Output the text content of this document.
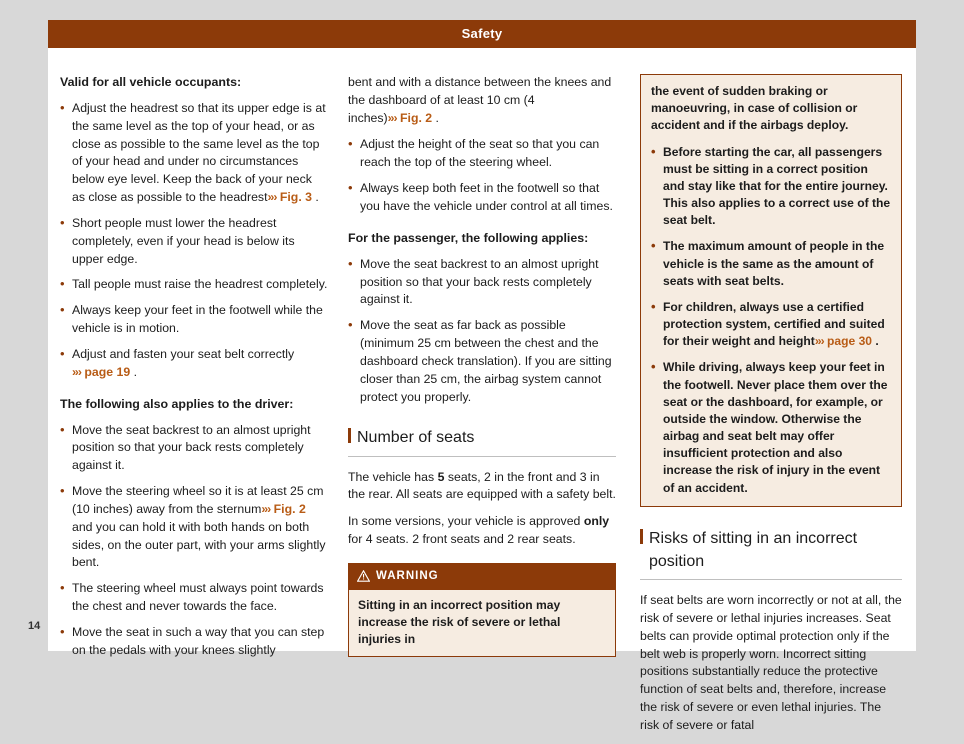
Safety
14

Valid for all vehicle occupants:

• Adjust the headrest so that its upper edge is at the same level as the top of your head, or as close as possible to the same level as the top of your head and under no circumstances below eye level. Keep the back of your neck as close as possible to the headrest»› Fig. 3 .

• Short people must lower the headrest completely, even if your head is below its upper edge.

• Tall people must raise the headrest completely.

• Always keep your feet in the footwell while the vehicle is in motion.

• Adjust and fasten your seat belt correctly
»› page 19 .

The following also applies to the driver:

• Move the seat backrest to an almost upright position so that your back rests completely against it.

• Move the steering wheel so it is at least 25 cm (10 inches) away from the sternum»› Fig. 2 and you can hold it with both hands on both sides, on the outer part, with your arms slightly bent.

• The steering wheel must always point towards the chest and never towards the face.

• Move the seat in such a way that you can step on the pedals with your knees slightly

bent and with a distance between the knees and the dashboard of at least 10 cm (4 inches)»› Fig. 2 .

• Adjust the height of the seat so that you can reach the top of the steering wheel.

• Always keep both feet in the footwell so that you have the vehicle under control at all times.

For the passenger, the following applies:

• Move the seat backrest to an almost upright position so that your back rests completely against it.

• Move the seat as far back as possible (minimum 25 cm between the chest and the dashboard check translation). If you are sitting closer than 25 cm, the airbag system cannot protect you properly.

Number of seats

The vehicle has 5 seats, 2 in the front and 3 in the rear. All seats are equipped with a safety belt.

In some versions, your vehicle is approved only for 4 seats. 2 front seats and 2 rear seats.

WARNING
Sitting in an incorrect position may increase the risk of severe or lethal injuries in

the event of sudden braking or manoeuvring, in case of collision or accident and if the airbags deploy.

• Before starting the car, all passengers must be sitting in a correct position and stay like that for the entire journey. This also applies to a correct use of the seat belt.

• The maximum amount of people in the vehicle is the same as the amount of seats with seat belts.

• For children, always use a certified protection system, certified and suited for their weight and height»› page 30 .

• While driving, always keep your feet in the footwell. Never place them over the seat or the dashboard, for example, or outside the window. Otherwise the airbag and seat belt may offer insufficient protection and also increase the risk of injury in the event of an accident.

Risks of sitting in an incorrect position

If seat belts are worn incorrectly or not at all, the risk of severe or lethal injuries increases. Seat belts can provide optimal protection only if the belt web is properly worn. Incorrect sitting positions substantially reduce the protective function of seat belts and, therefore, increase the risk of severe or even lethal injuries. The risk of severe or fatal
